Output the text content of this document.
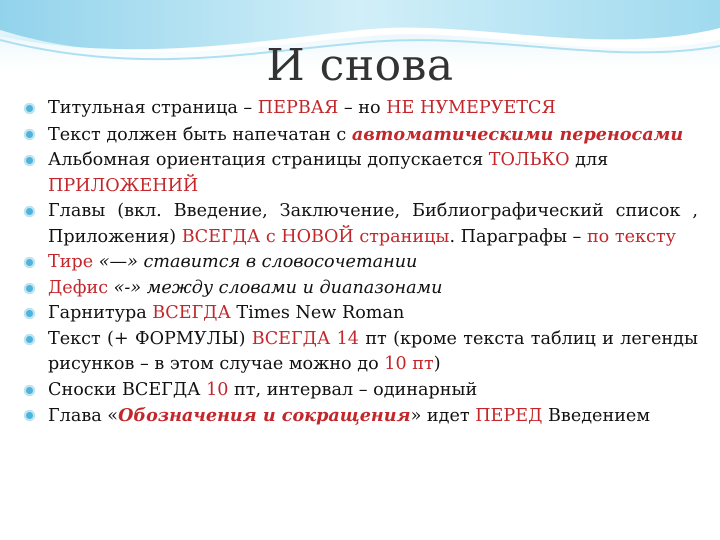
И снова
Титульная страница – ПЕРВАЯ – но НЕ НУМЕРУЕТСЯ
Текст должен быть напечатан с автоматическими переносами
Альбомная ориентация страницы допускается ТОЛЬКО для ПРИЛОЖЕНИЙ
Главы (вкл. Введение, Заключение, Библиографический список , Приложения) ВСЕГДА с НОВОЙ страницы. Параграфы – по тексту
Тире «—» ставится в словосочетании
Дефис «-» между словами и диапазонами
Гарнитура ВСЕГДА Times New Roman
Текст (+ ФОРМУЛЫ) ВСЕГДА 14 пт (кроме текста таблиц и легенды рисунков – в этом случае можно до 10 пт)
Сноски ВСЕГДА 10 пт, интервал – одинарный
Глава «Обозначения и сокращения» идет ПЕРЕД Введением
